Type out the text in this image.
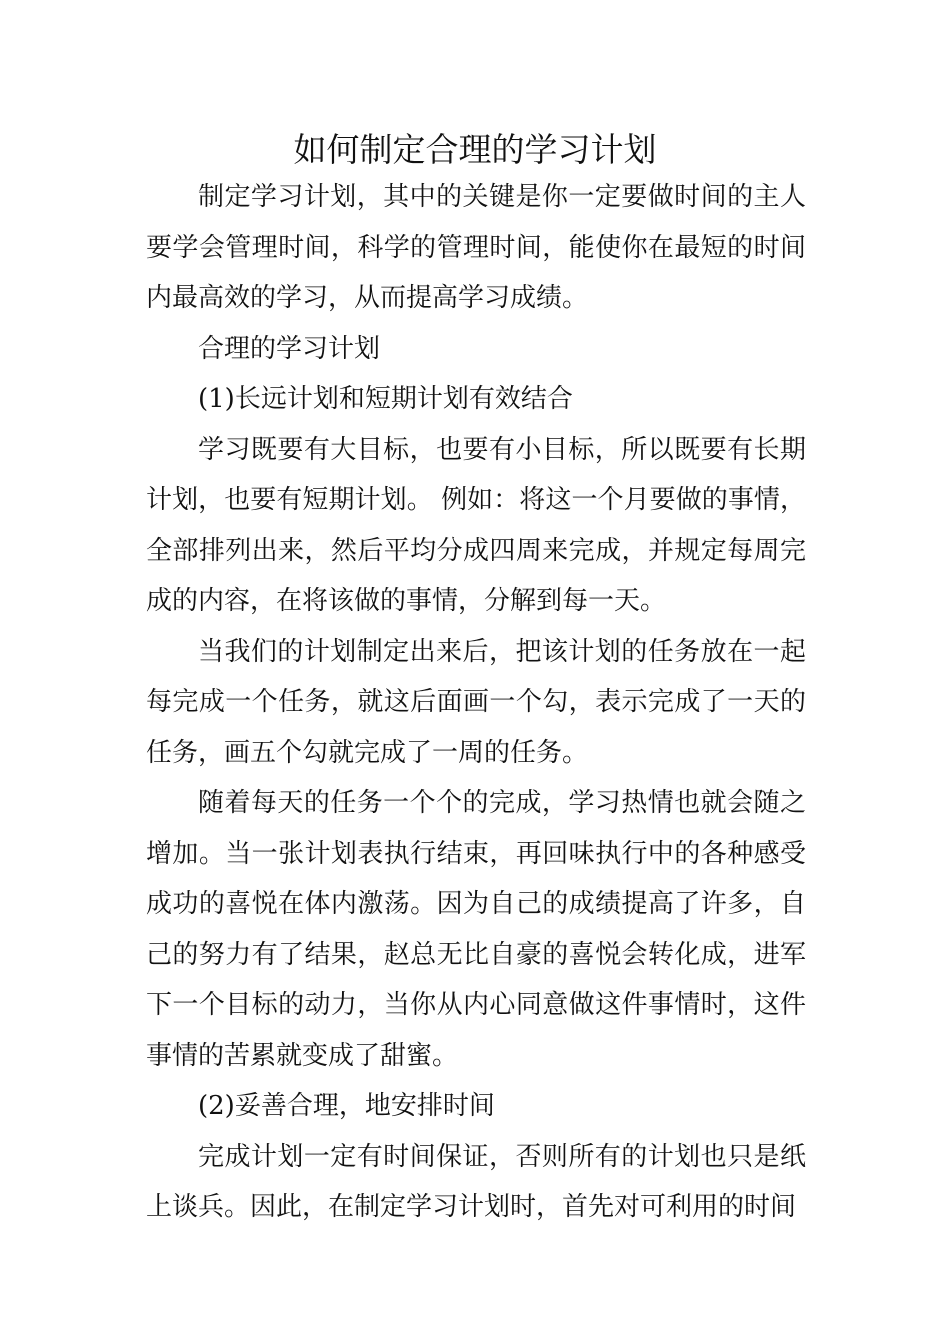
如何制定合理的学习计划

制定学习计划，其中的关键是你一定要做时间的主人要学会管理时间，科学的管理时间，能使你在最短的时间内最高效的学习，从而提高学习成绩。

合理的学习计划

(1)长远计划和短期计划有效结合

学习既要有大目标，也要有小目标，所以既要有长期计划，也要有短期计划。 例如：将这一个月要做的事情，全部排列出来，然后平均分成四周来完成，并规定每周完成的内容，在将该做的事情，分解到每一天。

当我们的计划制定出来后，把该计划的任务放在一起每完成一个任务，就这后面画一个勾，表示完成了一天的任务，画五个勾就完成了一周的任务。

随着每天的任务一个个的完成，学习热情也就会随之增加。当一张计划表执行结束，再回味执行中的各种感受成功的喜悦在体内激荡。因为自己的成绩提高了许多，自己的努力有了结果，赵总无比自豪的喜悦会转化成，进军下一个目标的动力，当你从内心同意做这件事情时，这件事情的苦累就变成了甜蜜。

(2)妥善合理，地安排时间

完成计划一定有时间保证，否则所有的计划也只是纸上谈兵。因此，在制定学习计划时，首先对可利用的时间
